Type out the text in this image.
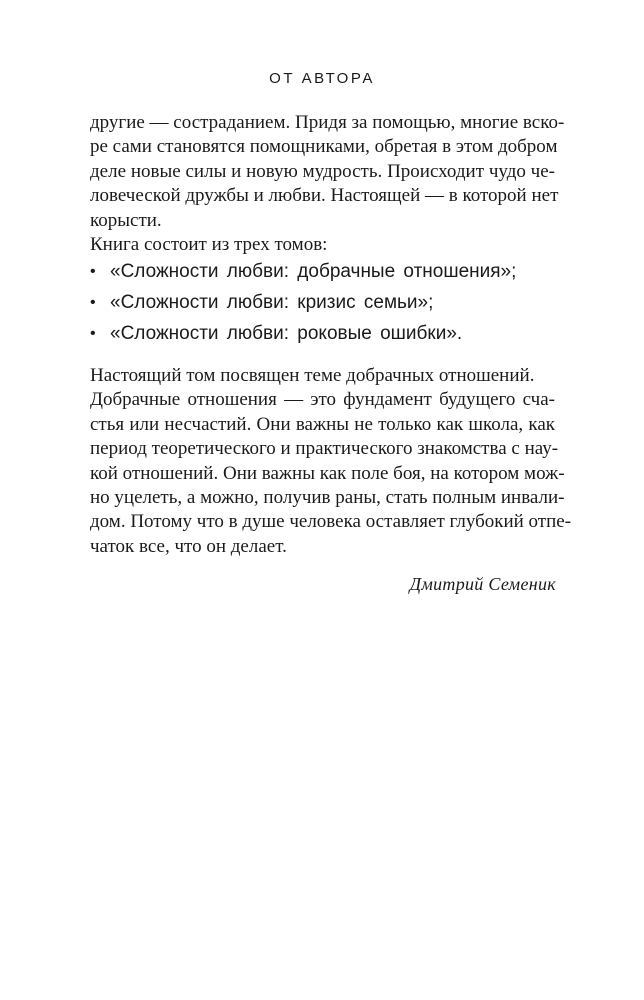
ОТ АВТОРА
другие — состраданием. Придя за помощью, многие вско-
ре сами становятся помощниками, обретая в этом добром
деле новые силы и новую мудрость. Происходит чудо че-
ловеческой дружбы и любви. Настоящей — в которой нет
корысти.
Книга состоит из трех томов:
• «Сложности любви: добрачные отношения»;
• «Сложности любви: кризис семьи»;
• «Сложности любви: роковые ошибки».
Настоящий том посвящен теме добрачных отношений.
Добрачные отношения — это фундамент будущего сча-
стья или несчастий. Они важны не только как школа, как
период теоретического и практического знакомства с нау-
кой отношений. Они важны как поле боя, на котором мож-
но уцелеть, а можно, получив раны, стать полным инвали-
дом. Потому что в душе человека оставляет глубокий отпе-
чаток все, что он делает.
Дмитрий Семеник
